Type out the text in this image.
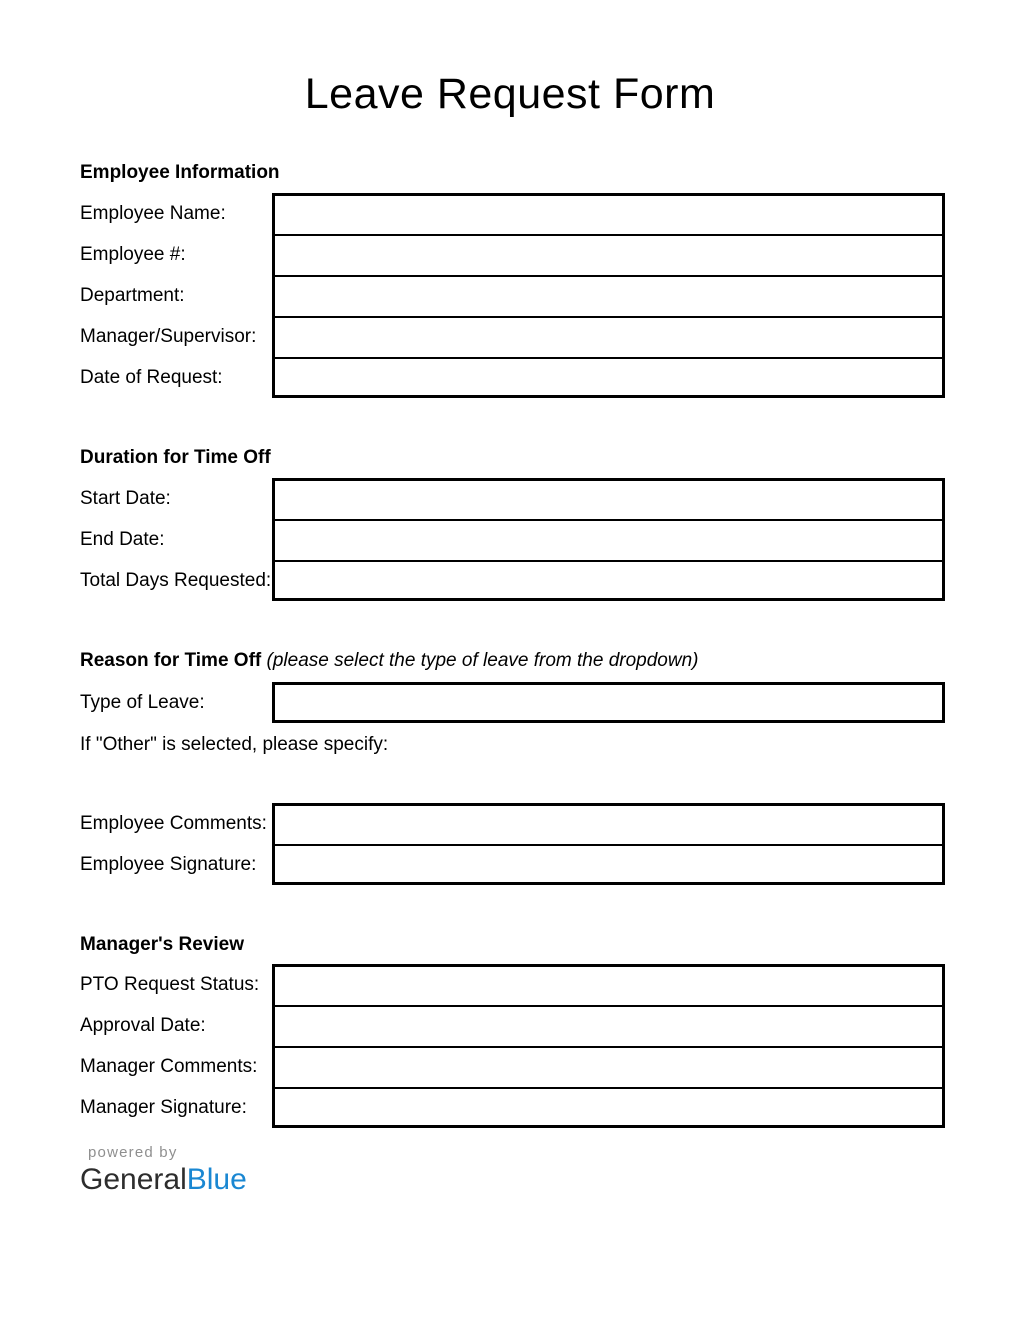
Leave Request Form
Employee Information
Employee Name:
Employee #:
Department:
Manager/Supervisor:
Date of Request:
Duration for Time Off
Start Date:
End Date:
Total Days Requested:
Reason for Time Off (please select the type of leave from the dropdown)
Type of Leave:
If "Other" is selected, please specify:
Employee Comments:
Employee Signature:
Manager's Review
PTO Request Status:
Approval Date:
Manager Comments:
Manager Signature:
powered by
GeneralBlue
